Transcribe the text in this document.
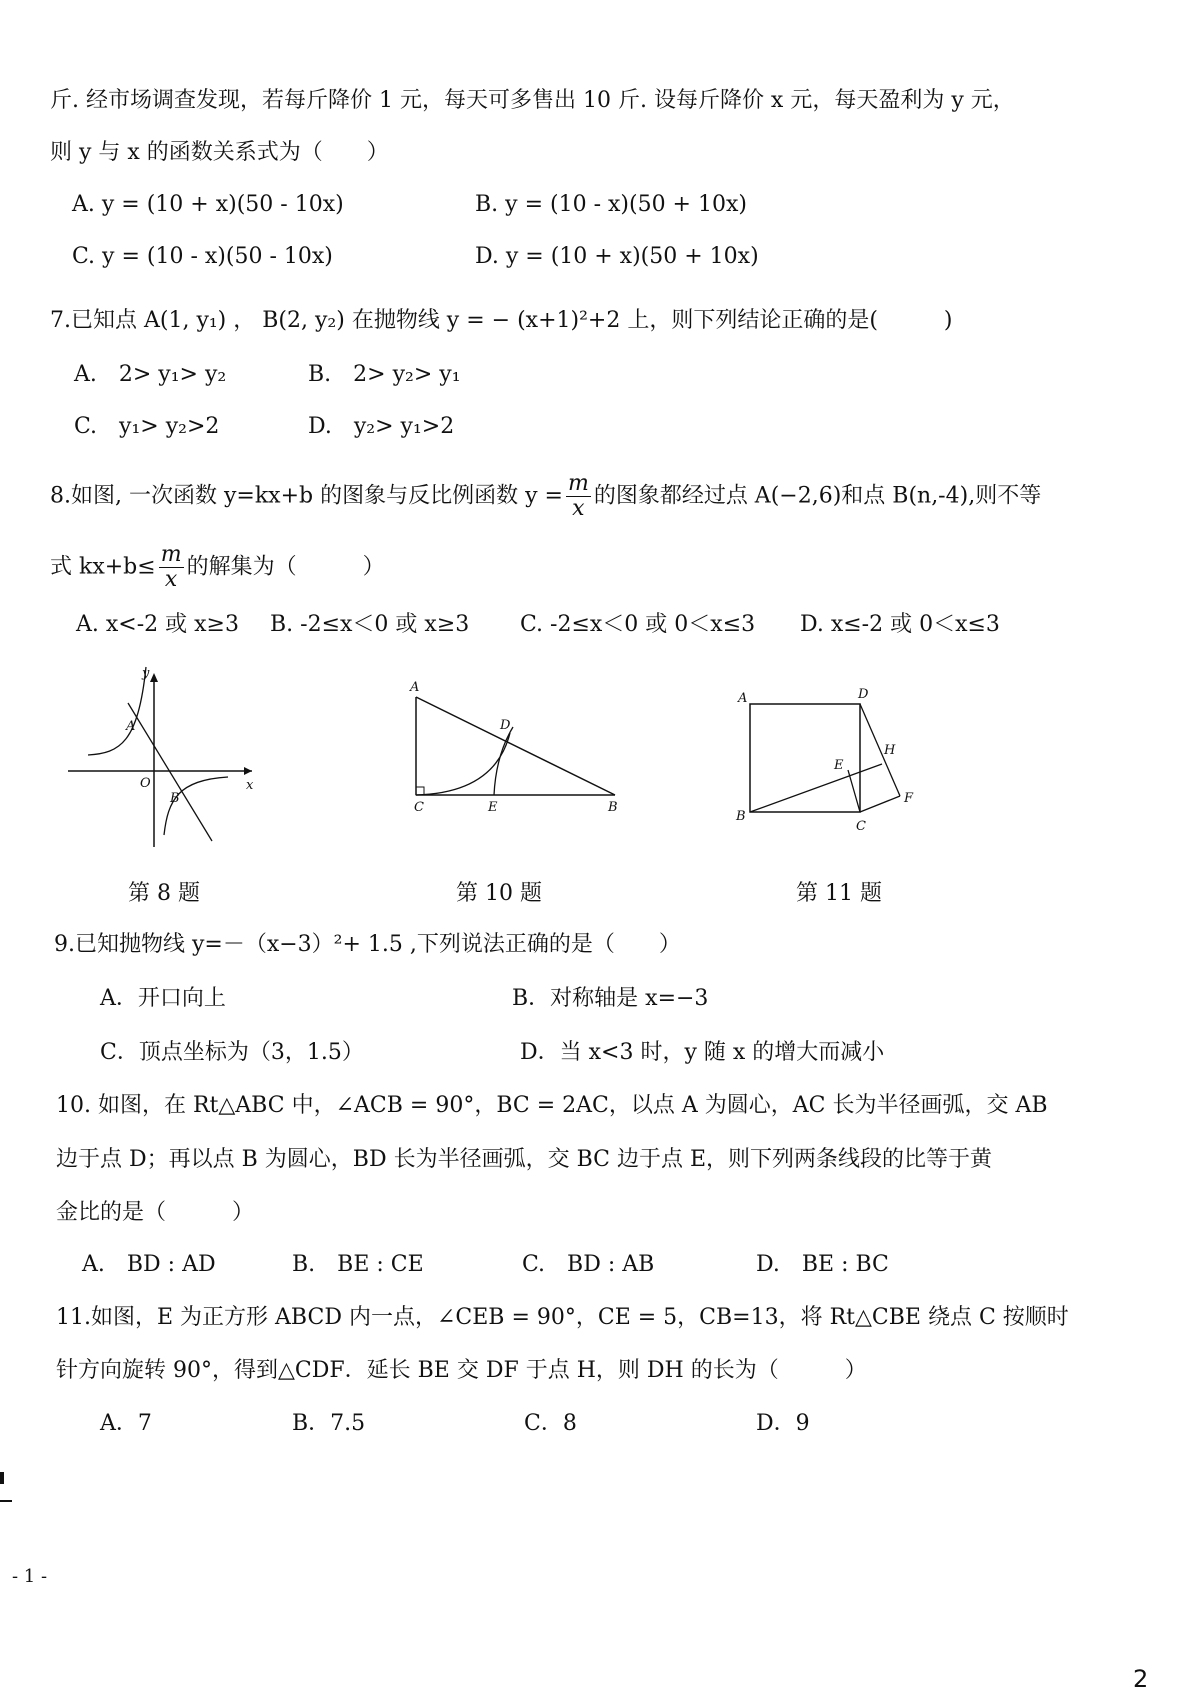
斤. 经市场调查发现，若每斤降价 1 元，每天可多售出 10 斤. 设每斤降价 x 元，每天盈利为 y 元，
则 y 与 x 的函数关系式为（　　）
A. y = (10 + x)(50 - 10x)	B. y = (10 - x)(50 + 10x)
C. y = (10 - x)(50 - 10x)	D. y = (10 + x)(50 + 10x)
7.已知点 A(1, y₁) ， B(2, y₂) 在抛物线 y = − (x+1)²+2 上，则下列结论正确的是(　　　)
A.　2> y₁> y₂	B.　2> y₂> y₁
C.　y₁> y₂>2	D.　y₂> y₁>2
8.如图, 一次函数 y=kx+b 的图象与反比例函数 $y = \frac{m}{x}$ 的图象都经过点 A(−2,6)和点 B(n,-4),则不等
式 $kx+b\le \frac{m}{x}$ 的解集为（　　　）
A. x<-2 或 x≥3 B. -2≤x＜0 或 x≥3 C. -2≤x＜0 或 0＜x≤3 D. x≤-2 或 0＜x≤3
y
x
O
A
B
A
D
C	E	B
A	D
H
E
B
C
F
第 8 题	第 10 题	第 11 题
9.已知抛物线 y=－（x−3）²+ 1.5 ,下列说法正确的是（　　）
A．开口向上	B．对称轴是 x=−3
C．顶点坐标为（3，1.5）	D．当 x<3 时，y 随 x 的增大而减小
10. 如图，在 Rt△ABC 中，∠ACB = 90°，BC = 2AC，以点 A 为圆心，AC 长为半径画弧，交 AB
边于点 D；再以点 B 为圆心，BD 长为半径画弧，交 BC 边于点 E，则下列两条线段的比等于黄
金比的是（　　　）
A.　BD : AD	B.　BE : CE	C.　BD : AB	D.　BE : BC
11.如图，E 为正方形 ABCD 内一点，∠CEB = 90°，CE = 5，CB=13，将 Rt△CBE 绕点 C 按顺时
针方向旋转 90°，得到△CDF．延长 BE 交 DF 于点 H，则 DH 的长为（　　　）
A．7	B．7.5	C．8	D．9
- 1 -
2
